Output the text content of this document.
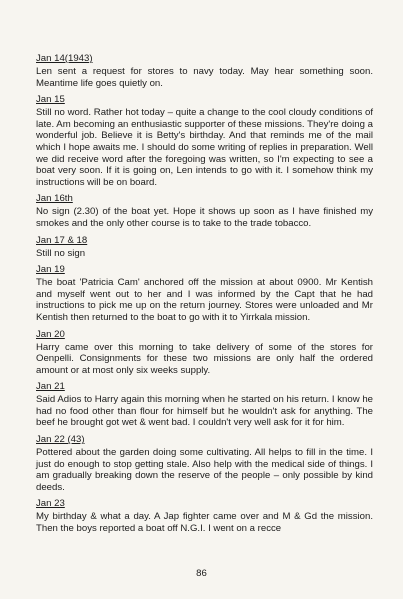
Jan 14(1943)

Len sent a request for stores to navy today. May hear something soon. Meantime life goes quietly on.

Jan 15

Still no word. Rather hot today – quite a change to the cool cloudy conditions of late. Am becoming an enthusiastic supporter of these missions. They're doing a wonderful job. Believe it is Betty's birthday. And that reminds me of the mail which I hope awaits me. I should do some writing of replies in preparation. Well we did receive word after the foregoing was written, so I'm expecting to see a boat very soon. If it is going on, Len intends to go with it. I somehow think my instructions will be on board.

Jan 16th

No sign (2.30) of the boat yet. Hope it shows up soon as I have finished my smokes and the only other course is to take to the trade tobacco.

Jan 17 & 18

Still no sign

Jan 19

The boat 'Patricia Cam' anchored off the mission at about 0900. Mr Kentish and myself went out to her and I was informed by the Capt that he had instructions to pick me up on the return journey. Stores were unloaded and Mr Kentish then returned to the boat to go with it to Yirrkala mission.

Jan 20

Harry came over this morning to take delivery of some of the stores for Oenpelli. Consignments for these two missions are only half the ordered amount or at most only six weeks supply.

Jan 21

Said Adios to Harry again this morning when he started on his return. I know he had no food other than flour for himself but he wouldn't ask for anything. The beef he brought got wet & went bad. I couldn't very well ask for it for him.

Jan 22 (43)

Pottered about the garden doing some cultivating. All helps to fill in the time. I just do enough to stop getting stale. Also help with the medical side of things. I am gradually breaking down the reserve of the people – only possible by kind deeds.

Jan 23

My birthday & what a day. A Jap fighter came over and M & Gd the mission. Then the boys reported a boat off N.G.I. I went on a recce

86
